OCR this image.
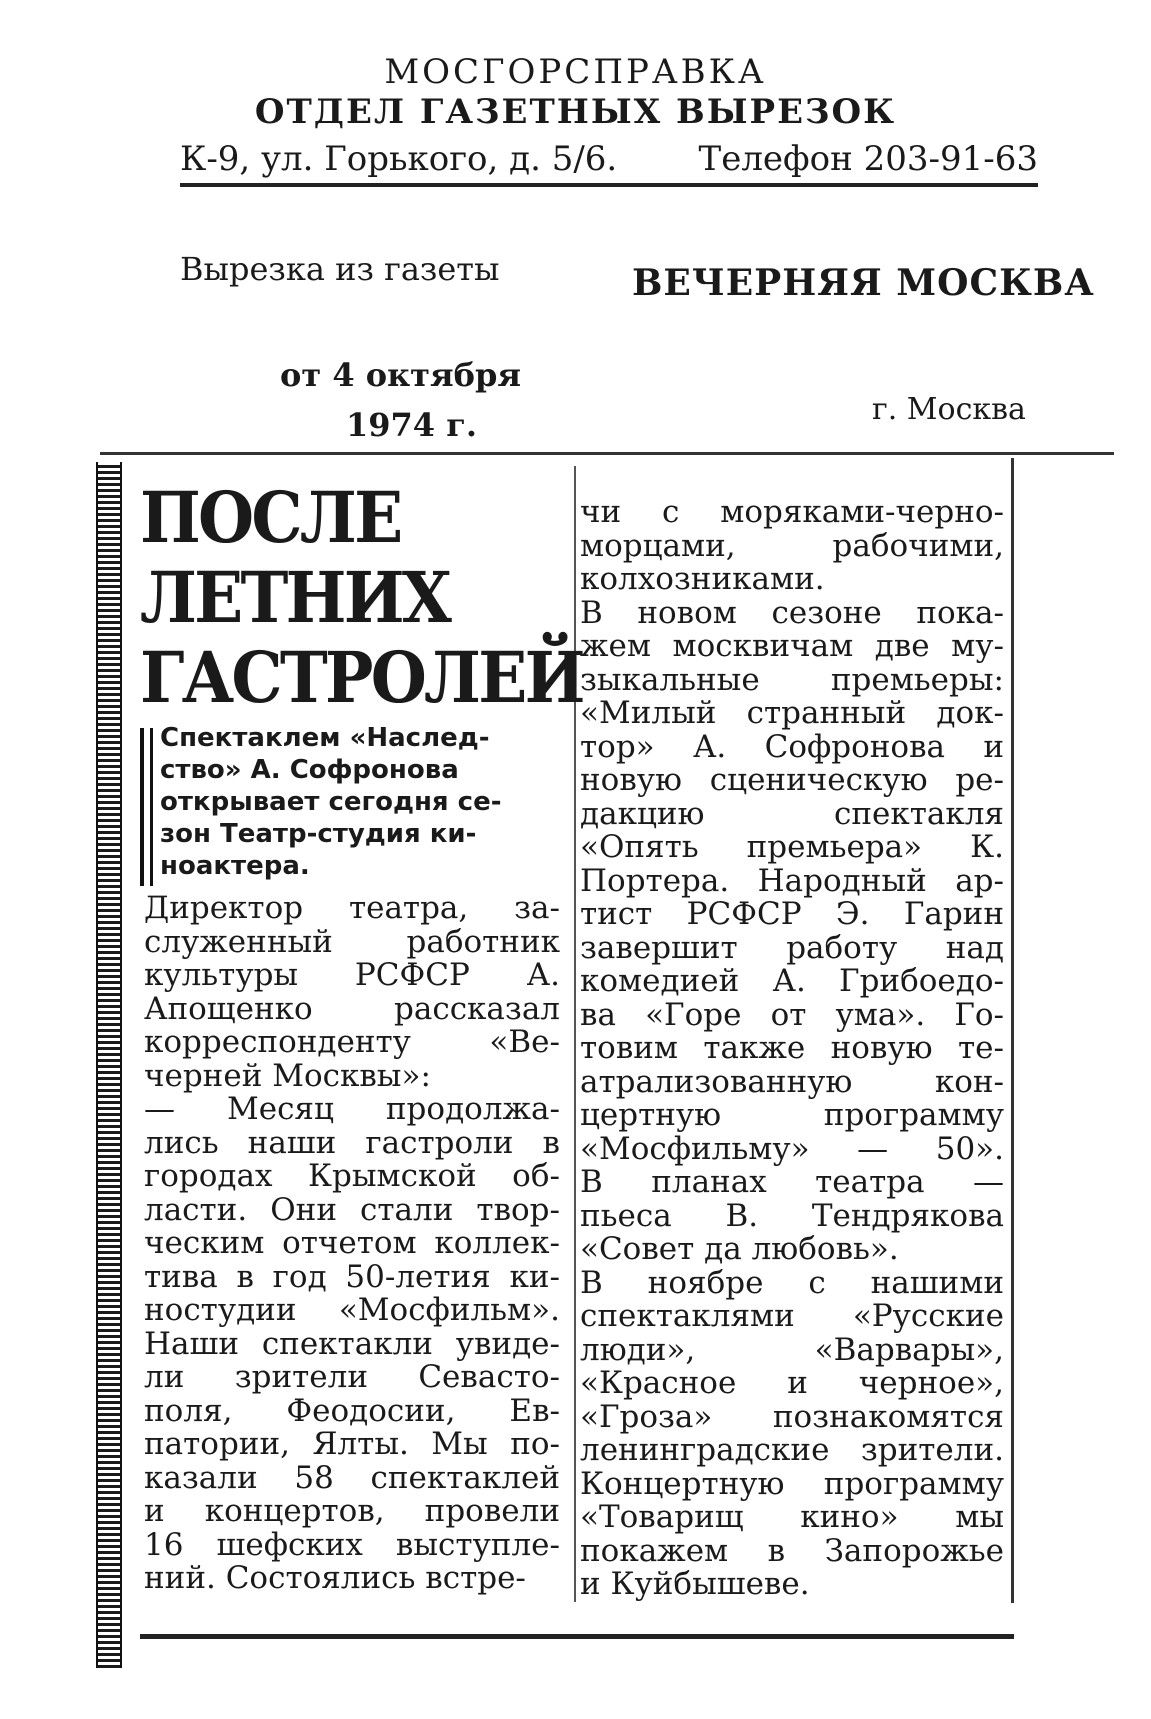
МОСГОРСПРАВКА
ОТДЕЛ ГАЗЕТНЫХ ВЫРЕЗОК
К-9, ул. Горького, д. 5/6. Телефон 203-91-63
Вырезка из газеты	ВЕЧЕРНЯЯ МОСКВА
от 4 октября
1974 г.	г. Москва
ПОСЛЕ
ЛЕТНИХ
ГАСТРОЛЕЙ
Спектаклем «Наслед-
ство» А. Софронова
открывает сегодня се-
зон Театр-студия ки-
ноактера.
Директор театра, за-
служенный работник
культуры РСФСР А.
Апощенко рассказал
корреспонденту «Ве-
черней Москвы»:
— Месяц продолжа-
лись наши гастроли в
городах Крымской об-
ласти. Они стали твор-
ческим отчетом коллек-
тива в год 50-летия ки-
ностудии «Мосфильм».
Наши спектакли увиде-
ли зрители Севасто-
поля, Феодосии, Ев-
патории, Ялты. Мы по-
казали 58 спектаклей
и концертов, провели
16 шефских выступле-
ний. Состоялись встре-
чи с моряками-черно-
морцами, рабочими,
колхозниками.
В новом сезоне пока-
жем москвичам две му-
зыкальные премьеры:
«Милый странный док-
тор» А. Софронова и
новую сценическую ре-
дакцию спектакля
«Опять премьера» К.
Портера. Народный ар-
тист РСФСР Э. Гарин
завершит работу над
комедией А. Грибоедо-
ва «Горе от ума». Го-
товим также новую те-
атрализованную кон-
цертную программу
«Мосфильму» — 50».
В планах театра —
пьеса В. Тендрякова
«Совет да любовь».
В ноябре с нашими
спектаклями «Русские
люди», «Варвары»,
«Красное и черное»,
«Гроза» познакомятся
ленинградские зрители.
Концертную программу
«Товарищ кино» мы
покажем в Запорожье
и Куйбышеве.
